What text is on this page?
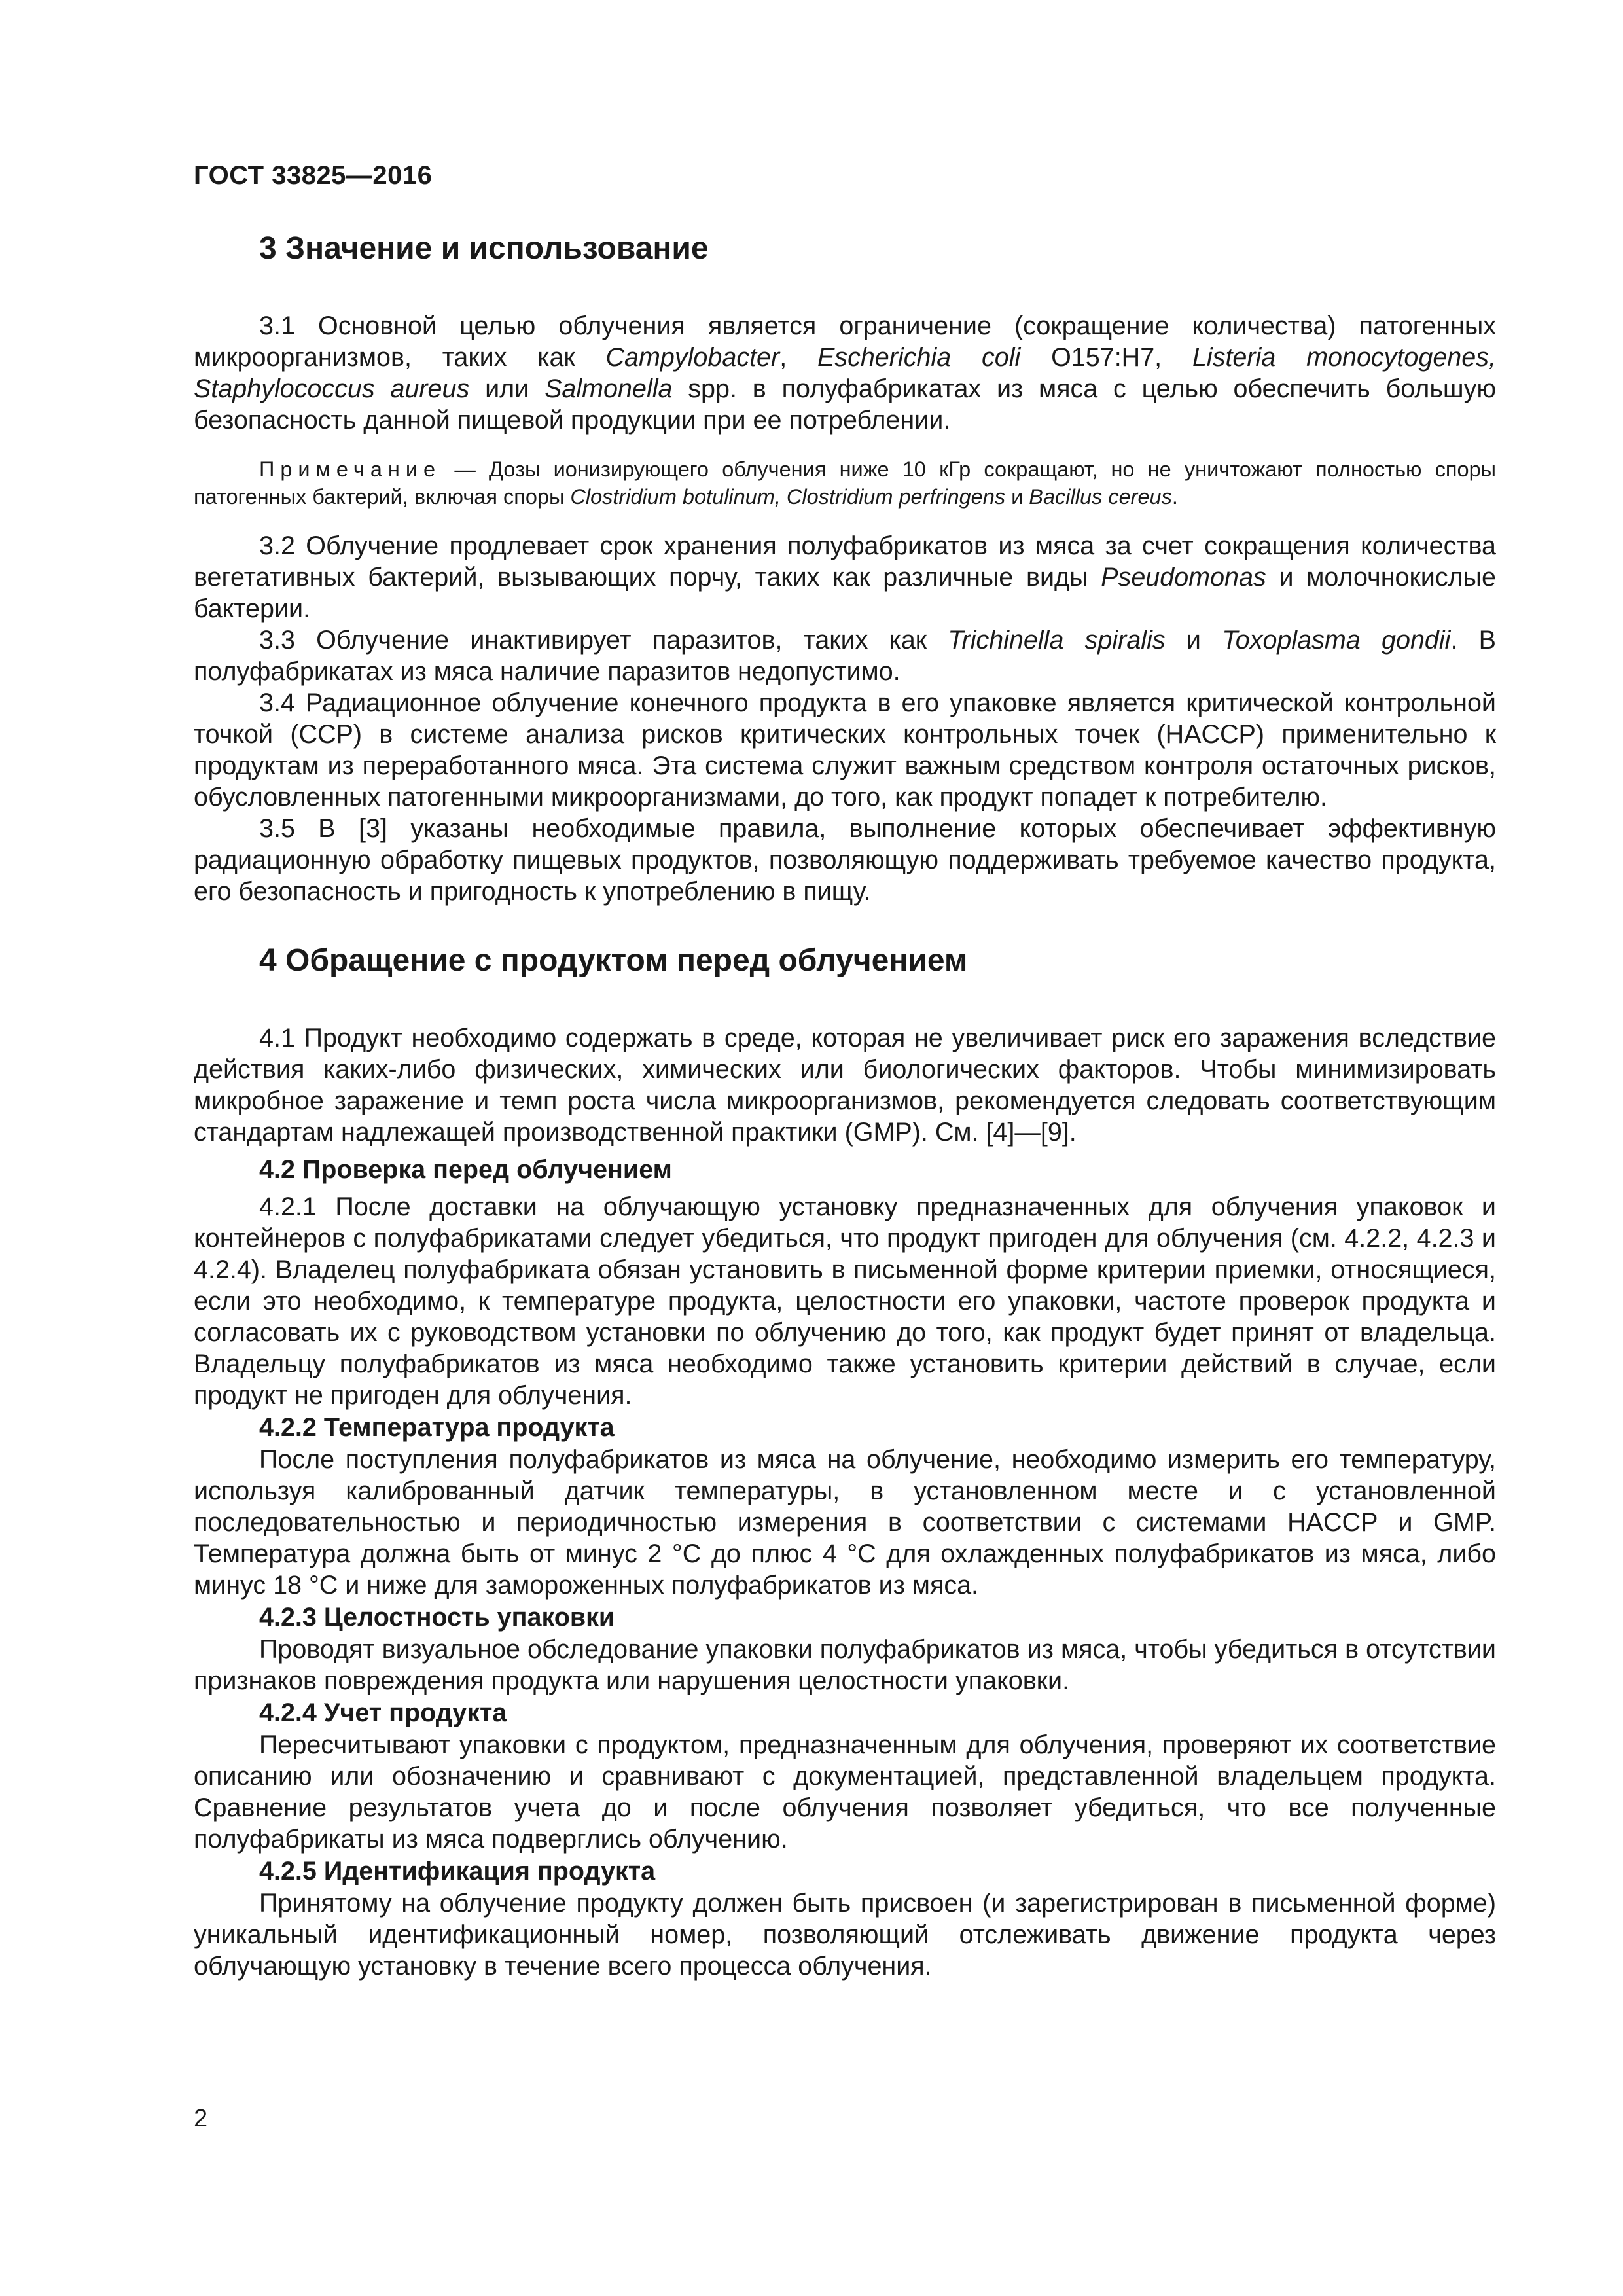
ГОСТ 33825—2016
3 Значение и использование

3.1 Основной целью облучения является ограничение (сокращение количества) патогенных микроорганизмов, таких как Campylobacter, Escherichia coli O157:H7, Listeria monocytogenes, Staphylococcus aureus или Salmonella spp. в полуфабрикатах из мяса с целью обеспечить большую безопасность данной пищевой продукции при ее потреблении.

Примечание — Дозы ионизирующего облучения ниже 10 кГр сокращают, но не уничтожают полностью споры патогенных бактерий, включая споры Clostridium botulinum, Clostridium perfringens и Bacillus cereus.

3.2 Облучение продлевает срок хранения полуфабрикатов из мяса за счет сокращения количества вегетативных бактерий, вызывающих порчу, таких как различные виды Pseudomonas и молочнокислые бактерии.

3.3 Облучение инактивирует паразитов, таких как Trichinella spiralis и Toxoplasma gondii. В полуфабрикатах из мяса наличие паразитов недопустимо.

3.4 Радиационное облучение конечного продукта в его упаковке является критической контрольной точкой (CCP) в системе анализа рисков критических контрольных точек (HACCP) применительно к продуктам из переработанного мяса. Эта система служит важным средством контроля остаточных рисков, обусловленных патогенными микроорганизмами, до того, как продукт попадет к потребителю.

3.5 В [3] указаны необходимые правила, выполнение которых обеспечивает эффективную радиационную обработку пищевых продуктов, позволяющую поддерживать требуемое качество продукта, его безопасность и пригодность к употреблению в пищу.

4 Обращение с продуктом перед облучением

4.1 Продукт необходимо содержать в среде, которая не увеличивает риск его заражения вследствие действия каких-либо физических, химических или биологических факторов. Чтобы минимизировать микробное заражение и темп роста числа микроорганизмов, рекомендуется следовать соответствующим стандартам надлежащей производственной практики (GMP). См. [4]—[9].

4.2 Проверка перед облучением

4.2.1 После доставки на облучающую установку предназначенных для облучения упаковок и контейнеров с полуфабрикатами следует убедиться, что продукт пригоден для облучения (см. 4.2.2, 4.2.3 и 4.2.4). Владелец полуфабриката обязан установить в письменной форме критерии приемки, относящиеся, если это необходимо, к температуре продукта, целостности его упаковки, частоте проверок продукта и согласовать их с руководством установки по облучению до того, как продукт будет принят от владельца. Владельцу полуфабрикатов из мяса необходимо также установить критерии действий в случае, если продукт не пригоден для облучения.

4.2.2 Температура продукта

После поступления полуфабрикатов из мяса на облучение, необходимо измерить его температуру, используя калиброванный датчик температуры, в установленном месте и с установленной последовательностью и периодичностью измерения в соответствии с системами HACCP и GMP. Температура должна быть от минус 2 °С до плюс 4 °С для охлажденных полуфабрикатов из мяса, либо минус 18 °С и ниже для замороженных полуфабрикатов из мяса.

4.2.3 Целостность упаковки

Проводят визуальное обследование упаковки полуфабрикатов из мяса, чтобы убедиться в отсутствии признаков повреждения продукта или нарушения целостности упаковки.

4.2.4 Учет продукта

Пересчитывают упаковки с продуктом, предназначенным для облучения, проверяют их соответствие описанию или обозначению и сравнивают с документацией, представленной владельцем продукта. Сравнение результатов учета до и после облучения позволяет убедиться, что все полученные полуфабрикаты из мяса подверглись облучению.

4.2.5 Идентификация продукта

Принятому на облучение продукту должен быть присвоен (и зарегистрирован в письменной форме) уникальный идентификационный номер, позволяющий отслеживать движение продукта через облучающую установку в течение всего процесса облучения.

2
